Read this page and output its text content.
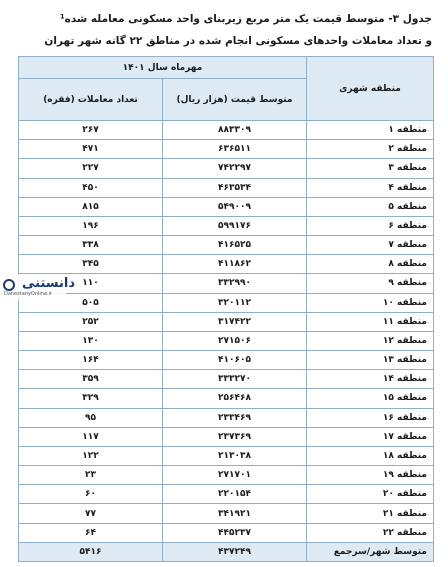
جدول ۳- متوسط قیمت یک متر مربع زیربنای واحد مسکونی معامله شده¹
و تعداد معاملات واحدهای مسکونی انجام شده در مناطق ۲۲ گانه شهر تهران
منطقه شهری	مهرماه سال ۱۴۰۱	
	متوسط قیمت (هزار ریال)	تعداد معاملات (فقره)
منطقه ۱	۸۸۳۳۰۹	۲۶۷
منطقه ۲	۶۳۶۵۱۱	۴۷۱
منطقه ۳	۷۴۲۲۹۷	۲۲۷
منطقه ۴	۴۶۳۵۳۴	۴۵۰
منطقه ۵	۵۴۹۰۰۹	۸۱۵
منطقه ۶	۵۹۹۱۷۶	۱۹۶
منطقه ۷	۴۱۶۵۲۵	۳۳۸
منطقه ۸	۴۱۱۸۶۲	۳۴۵
منطقه ۹	۳۳۲۹۹۰	۱۱۰
منطقه ۱۰	۳۲۰۱۱۲	۵۰۵
منطقه ۱۱	۳۱۷۴۲۲	۲۵۲
منطقه ۱۲	۲۷۱۵۰۶	۱۳۰
منطقه ۱۳	۴۱۰۶۰۵	۱۶۴
منطقه ۱۴	۳۳۳۲۷۰	۳۵۹
منطقه ۱۵	۲۵۶۴۶۸	۳۲۹
منطقه ۱۶	۲۳۳۴۶۹	۹۵
منطقه ۱۷	۲۳۷۳۶۹	۱۱۷
منطقه ۱۸	۲۱۳۰۳۸	۱۲۲
منطقه ۱۹	۲۷۱۷۰۱	۲۳
منطقه ۲۰	۲۲۰۱۵۴	۶۰
منطقه ۲۱	۳۴۱۹۲۱	۷۷
منطقه ۲۲	۴۴۵۲۳۷	۶۴
متوسط شهر/سرجمع	۴۳۷۲۴۹	۵۴۱۶
دانستنی
DanestanyOnline.ir
